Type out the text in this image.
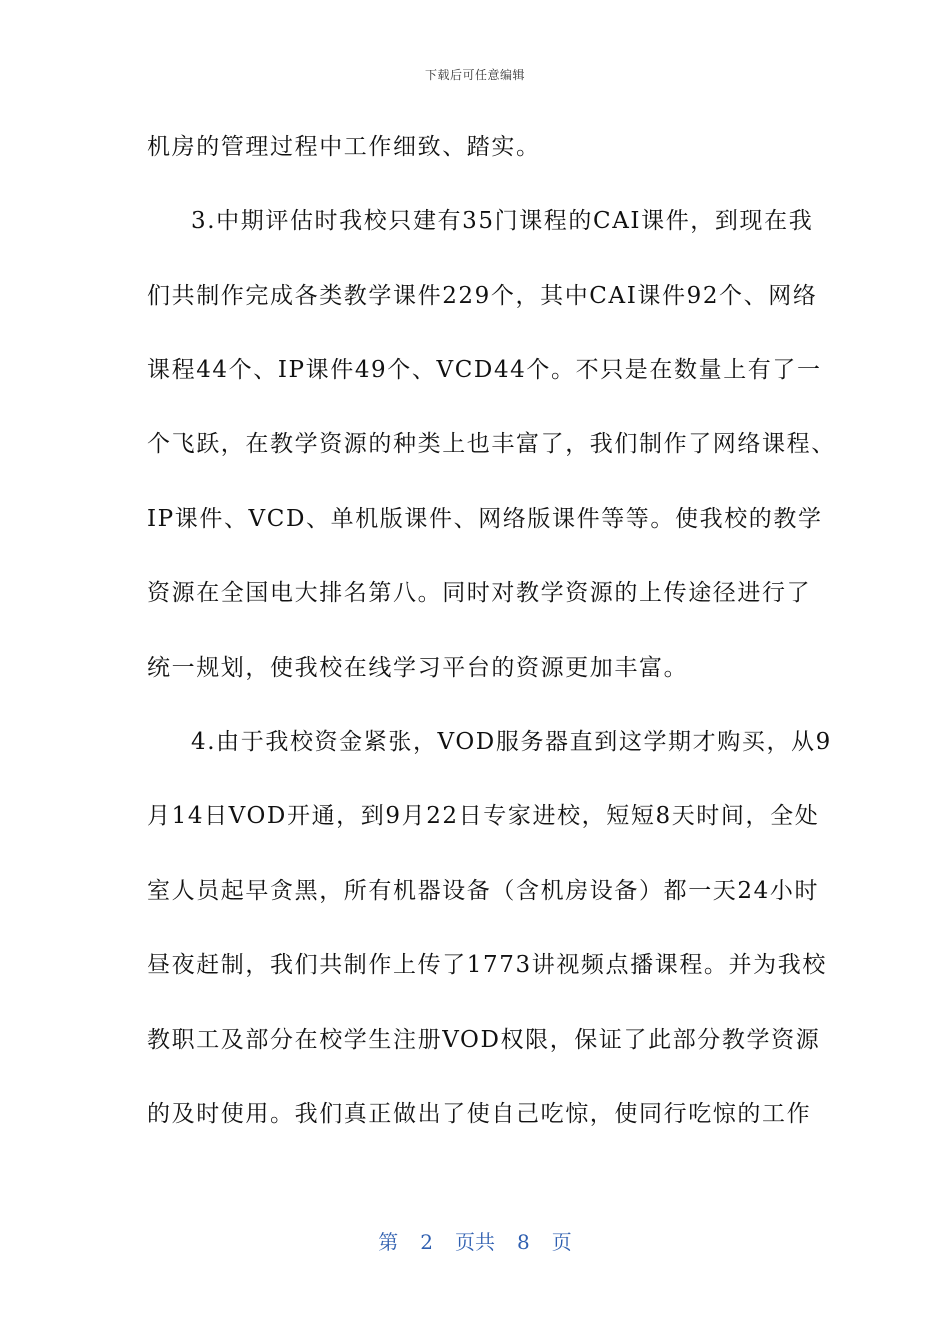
下载后可任意编辑
机房的管理过程中工作细致、踏实。
3.中期评估时我校只建有35门课程的CAI课件，到现在我
们共制作完成各类教学课件229个，其中CAI课件92个、网络
课程44个、IP课件49个、VCD44个。不只是在数量上有了一
个飞跃，在教学资源的种类上也丰富了，我们制作了网络课程、
IP课件、VCD、单机版课件、网络版课件等等。使我校的教学
资源在全国电大排名第八。同时对教学资源的上传途径进行了
统一规划，使我校在线学习平台的资源更加丰富。
4.由于我校资金紧张，VOD服务器直到这学期才购买，从9
月14日VOD开通，到9月22日专家进校，短短8天时间，全处
室人员起早贪黑，所有机器设备（含机房设备）都一天24小时
昼夜赶制，我们共制作上传了1773讲视频点播课程。并为我校
教职工及部分在校学生注册VOD权限，保证了此部分教学资源
的及时使用。我们真正做出了使自己吃惊，使同行吃惊的工作
第 2 页共 8 页
